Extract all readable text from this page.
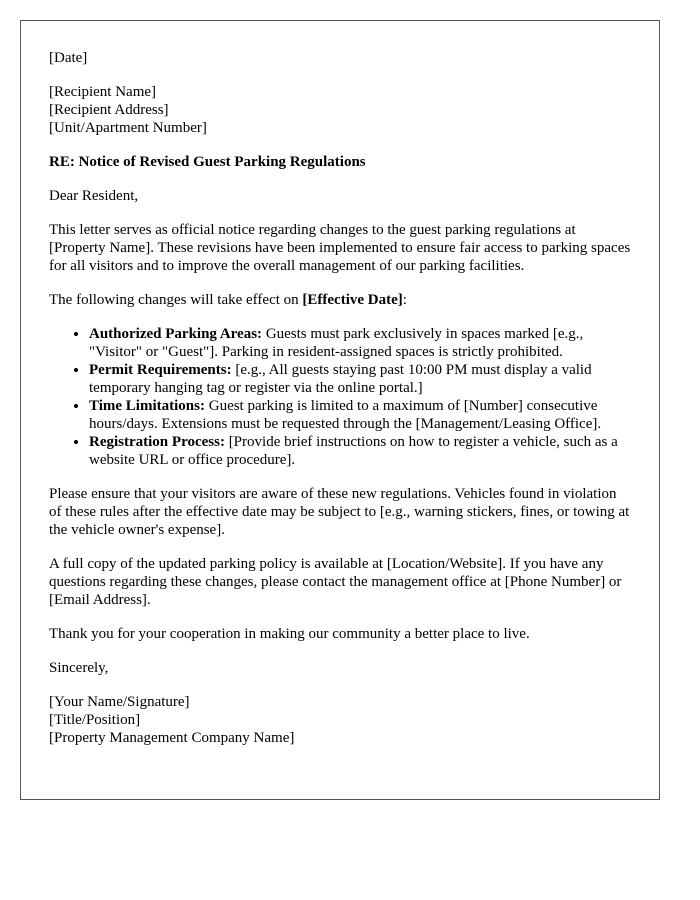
[Date]

[Recipient Name]
[Recipient Address]
[Unit/Apartment Number]

RE: Notice of Revised Guest Parking Regulations

Dear Resident,

This letter serves as official notice regarding changes to the guest parking regulations at [Property Name]. These revisions have been implemented to ensure fair access to parking spaces for all visitors and to improve the overall management of our parking facilities.

The following changes will take effect on [Effective Date]:

• Authorized Parking Areas: Guests must park exclusively in spaces marked [e.g., "Visitor" or "Guest"]. Parking in resident-assigned spaces is strictly prohibited.
• Permit Requirements: [e.g., All guests staying past 10:00 PM must display a valid temporary hanging tag or register via the online portal.]
• Time Limitations: Guest parking is limited to a maximum of [Number] consecutive hours/days. Extensions must be requested through the [Management/Leasing Office].
• Registration Process: [Provide brief instructions on how to register a vehicle, such as a website URL or office procedure].

Please ensure that your visitors are aware of these new regulations. Vehicles found in violation of these rules after the effective date may be subject to [e.g., warning stickers, fines, or towing at the vehicle owner's expense].

A full copy of the updated parking policy is available at [Location/Website]. If you have any questions regarding these changes, please contact the management office at [Phone Number] or [Email Address].

Thank you for your cooperation in making our community a better place to live.

Sincerely,

[Your Name/Signature]
[Title/Position]
[Property Management Company Name]
